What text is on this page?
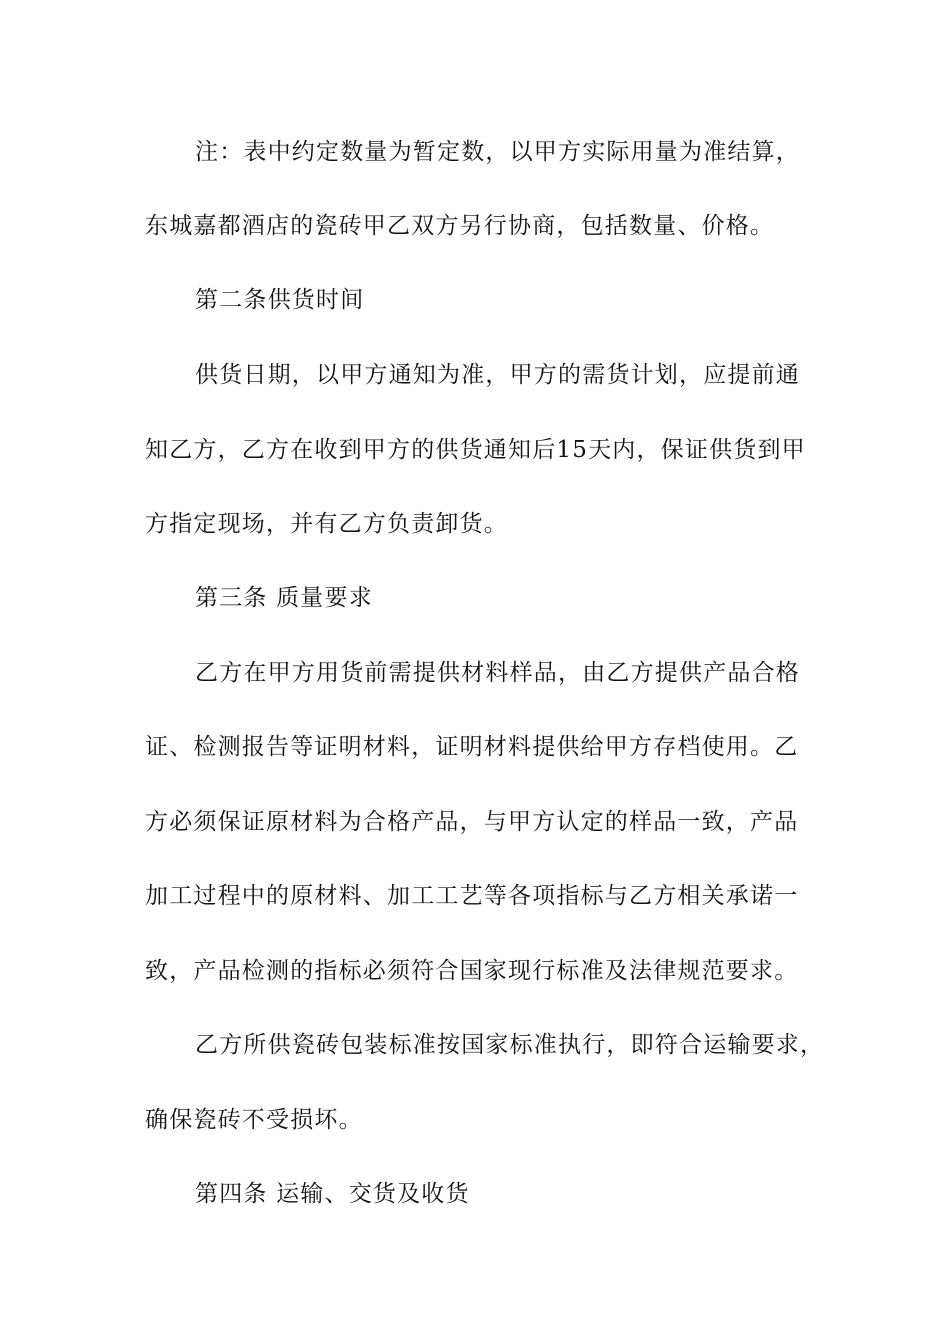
注：表中约定数量为暂定数，以甲方实际用量为准结算，
东城嘉都酒店的瓷砖甲乙双方另行协商，包括数量、价格。
第二条供货时间
供货日期，以甲方通知为准，甲方的需货计划，应提前通
知乙方，乙方在收到甲方的供货通知后15天内，保证供货到甲
方指定现场，并有乙方负责卸货。
第三条 质量要求
乙方在甲方用货前需提供材料样品，由乙方提供产品合格
证、检测报告等证明材料，证明材料提供给甲方存档使用。乙
方必须保证原材料为合格产品，与甲方认定的样品一致，产品
加工过程中的原材料、加工工艺等各项指标与乙方相关承诺一
致，产品检测的指标必须符合国家现行标准及法律规范要求。
乙方所供瓷砖包装标准按国家标准执行，即符合运输要求，
确保瓷砖不受损坏。
第四条 运输、交货及收货
